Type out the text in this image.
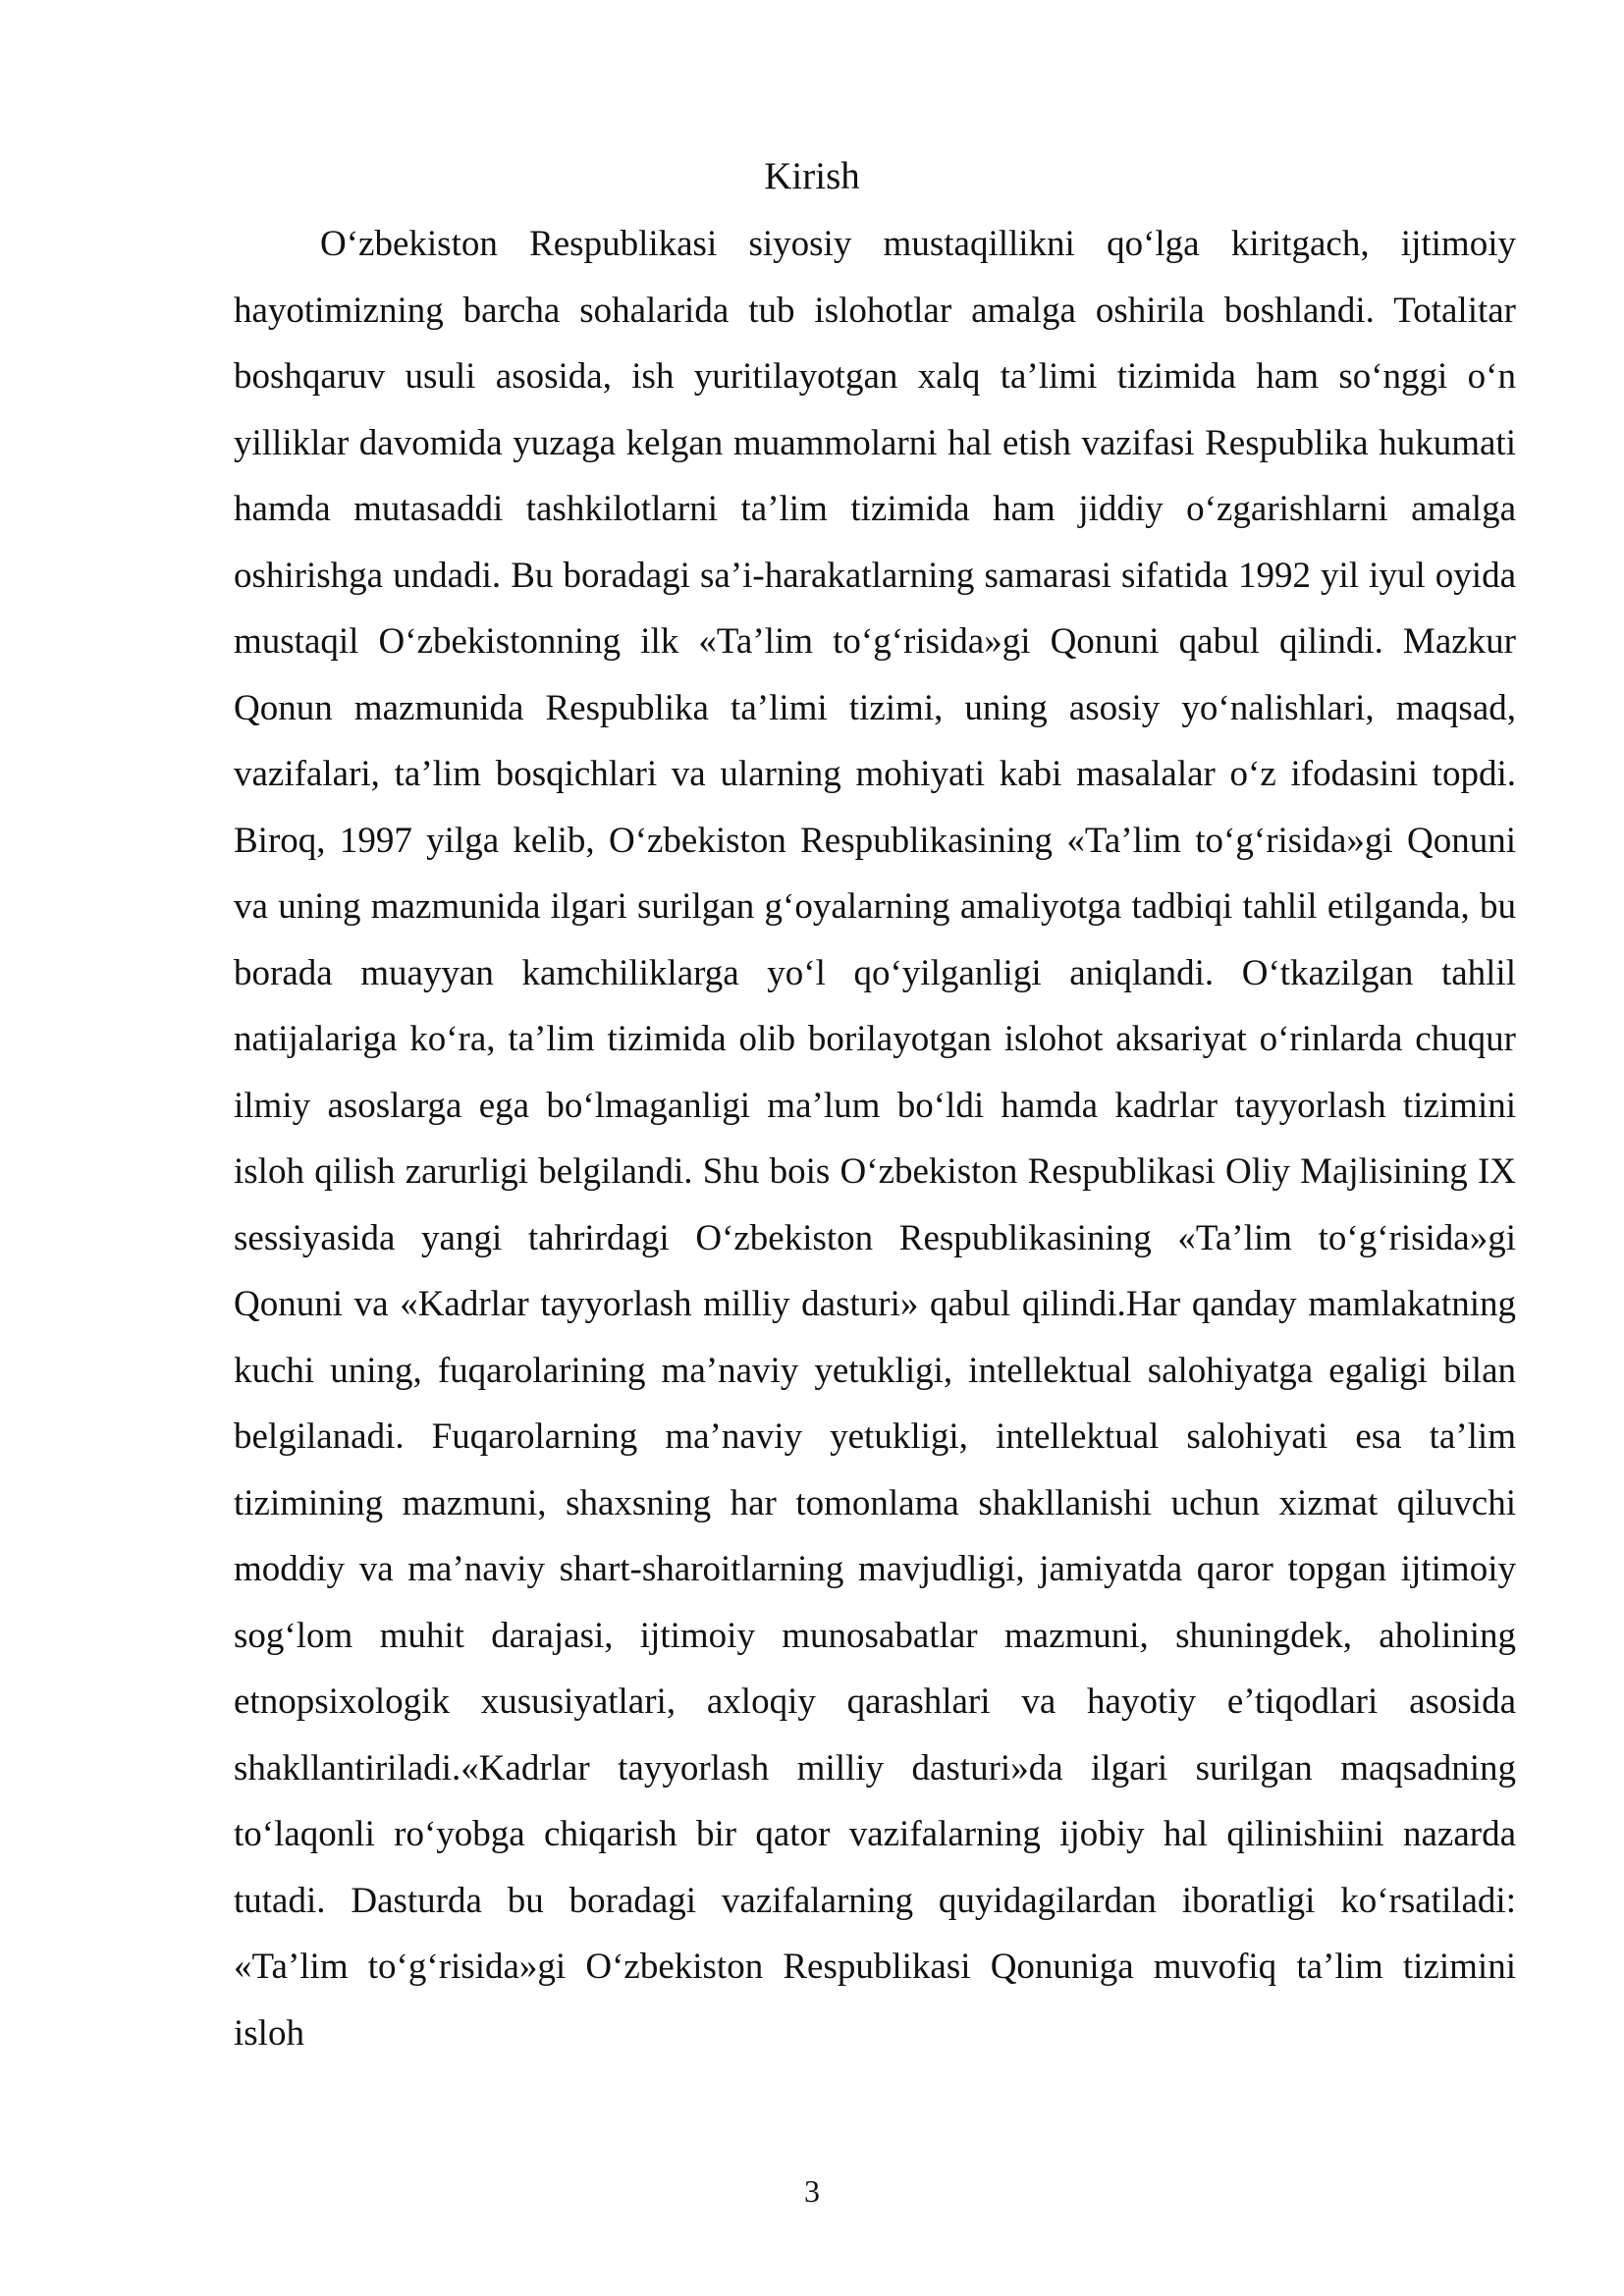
Kirish

O‘zbekiston Respublikasi siyosiy mustaqillikni qo‘lga kiritgach, ijtimoiy hayotimizning barcha sohalarida tub islohotlar amalga oshirila boshlandi. Totalitar boshqaruv usuli asosida, ish yuritilayotgan xalq ta’limi tizimida ham so‘nggi o‘n yilliklar davomida yuzaga kelgan muammolarni hal etish vazifasi Respublika hukumati hamda mutasaddi tashkilotlarni ta’lim tizimida ham jiddiy o‘zgarishlarni amalga oshirishga undadi. Bu boradagi sa’i-harakatlarning samarasi sifatida 1992 yil iyul oyida mustaqil O‘zbekistonning ilk «Ta’lim to‘g‘risida»gi Qonuni qabul qilindi. Mazkur Qonun mazmunida Respublika ta’limi tizimi, uning asosiy yo‘nalishlari, maqsad, vazifalari, ta’lim bosqichlari va ularning mohiyati kabi masalalar o‘z ifodasini topdi. Biroq, 1997 yilga kelib, O‘zbekiston Respublikasining «Ta’lim to‘g‘risida»gi Qonuni va uning mazmunida ilgari surilgan g‘oyalarning amaliyotga tadbiqi tahlil etilganda, bu borada muayyan kamchiliklarga yo‘l qo‘yilganligi aniqlandi. O‘tkazilgan tahlil natijalariga ko‘ra, ta’lim tizimida olib borilayotgan islohot aksariyat o‘rinlarda chuqur ilmiy asoslarga ega bo‘lmaganligi ma’lum bo‘ldi hamda kadrlar tayyorlash tizimini isloh qilish zarurligi belgilandi. Shu bois O‘zbekiston Respublikasi Oliy Majlisining IX sessiyasida yangi tahrirdagi O‘zbekiston Respublikasining «Ta’lim to‘g‘risida»gi Qonuni va «Kadrlar tayyorlash milliy dasturi» qabul qilindi.Har qanday mamlakatning kuchi uning, fuqarolarining ma’naviy yetukligi, intellektual salohiyatga egaligi bilan belgilanadi. Fuqarolarning ma’naviy yetukligi, intellektual salohiyati esa ta’lim tizimining mazmuni, shaxsning har tomonlama shakllanishi uchun xizmat qiluvchi moddiy va ma’naviy shart-sharoitlarning mavjudligi, jamiyatda qaror topgan ijtimoiy sog‘lom muhit darajasi, ijtimoiy munosabatlar mazmuni, shuningdek, aholining etnopsixologik xususiyatlari, axloqiy qarashlari va hayotiy e’tiqodlari asosida shakllantiriladi.«Kadrlar tayyorlash milliy dasturi»da ilgari surilgan maqsadning to‘laqonli ro‘yobga chiqarish bir qator vazifalarning ijobiy hal qilinishiini nazarda tutadi. Dasturda bu boradagi vazifalarning quyidagilardan iboratligi ko‘rsatiladi: «Ta’lim to‘g‘risida»gi O‘zbekiston Respublikasi Qonuniga muvofiq ta’lim tizimini isloh

3
